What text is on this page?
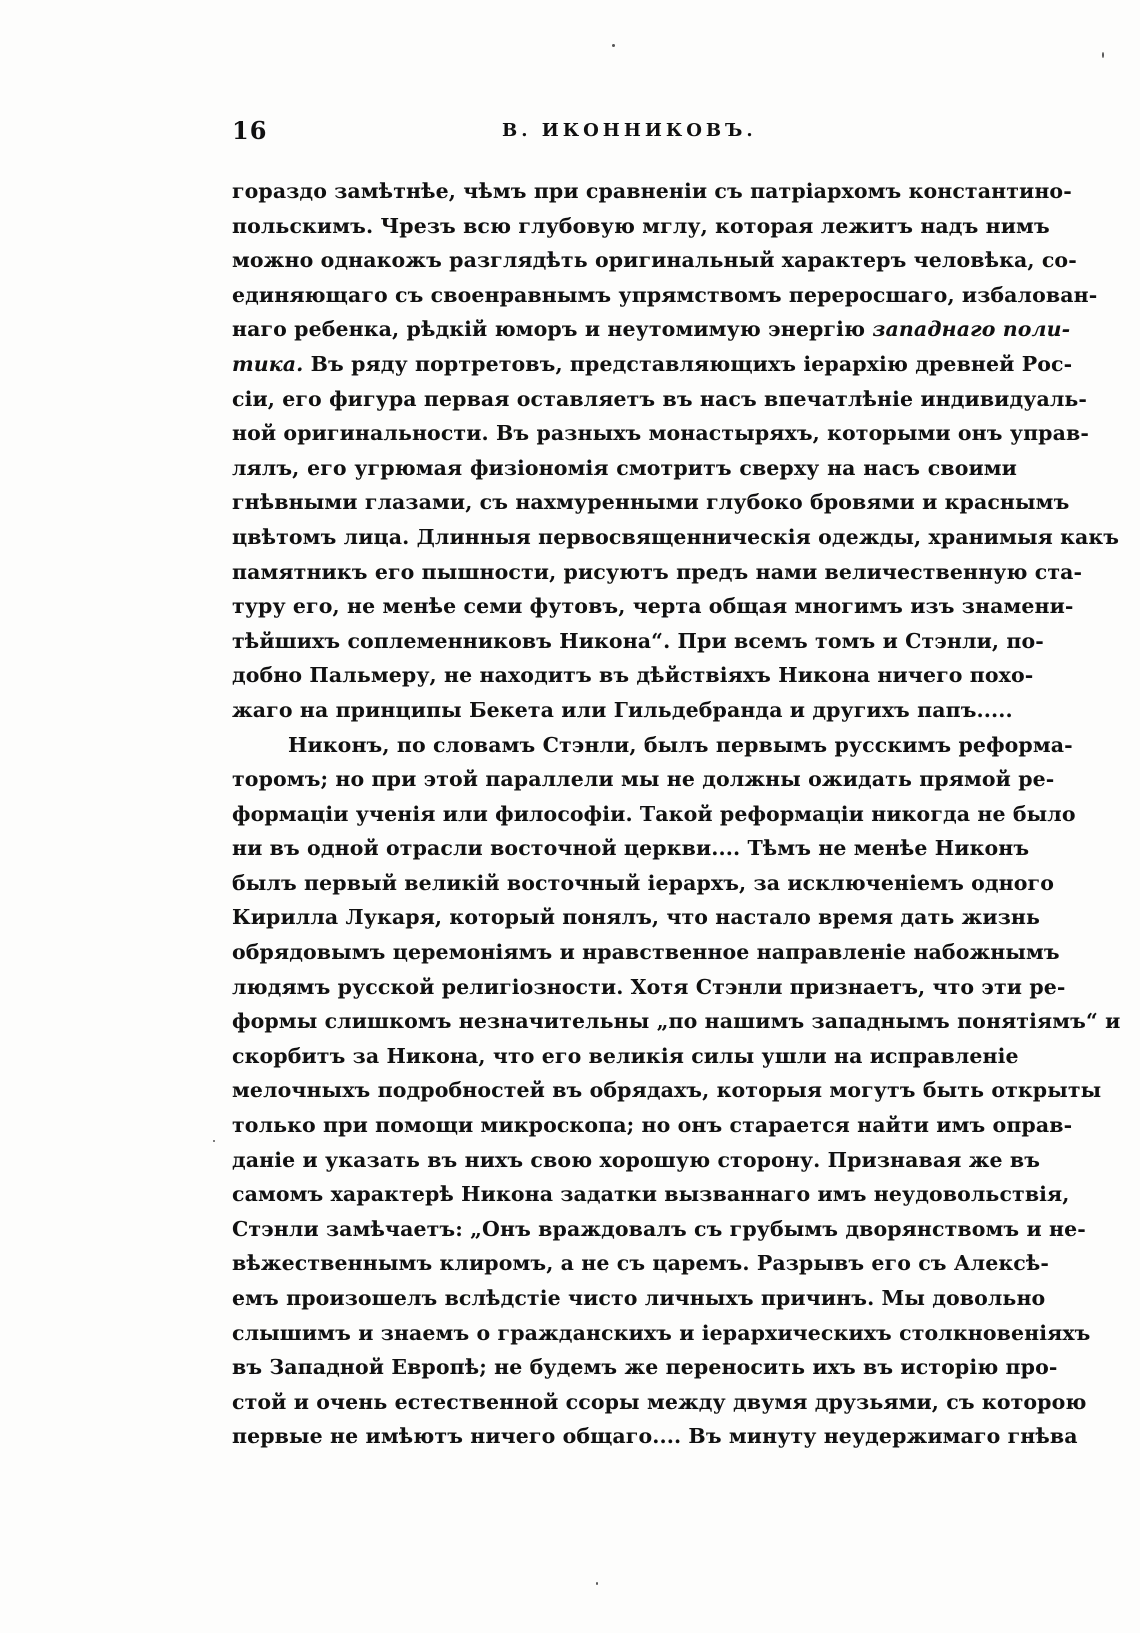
16	В. ИКОННИКОВЪ.
гораздо замѣтнѣе, чѣмъ при сравненіи съ патріархомъ константино-
польскимъ. Чрезъ всю глубовую мглу, которая лежитъ надъ нимъ
можно однакожъ разглядѣть оригинальный характеръ человѣка, со-
единяющаго съ своенравнымъ упрямствомъ переросшаго, избалован-
наго ребенка, рѣдкій юморъ и неутомимую энергію западнаго поли-
тика. Въ ряду портретовъ, представляющихъ іерархію древней Рос-
сіи, его фигура первая оставляетъ въ насъ впечатлѣніе индивидуаль-
ной оригинальности. Въ разныхъ монастыряхъ, которыми онъ управ-
лялъ, его угрюмая физіономія смотритъ сверху на насъ своими
гнѣвными глазами, съ нахмуренными глубоко бровями и краснымъ
цвѣтомъ лица. Длинныя первосвященническія одежды, хранимыя какъ
памятникъ его пышности, рисуютъ предъ нами величественную ста-
туру его, не менѣе семи футовъ, черта общая многимъ изъ знамени-
тѣйшихъ соплеменниковъ Никона“. При всемъ томъ и Стэнли, по-
добно Пальмеру, не находитъ въ дѣйствіяхъ Никона ничего похо-
жаго на принципы Бекета или Гильдебранда и другихъ папъ.....
Никонъ, по словамъ Стэнли, былъ первымъ русскимъ реформа-
торомъ; но при этой параллели мы не должны ожидать прямой ре-
формаціи ученія или философіи. Такой реформаціи никогда не было
ни въ одной отрасли восточной церкви.... Тѣмъ не менѣе Никонъ
былъ первый великій восточный іерархъ, за исключеніемъ одного
Кирилла Лукаря, который понялъ, что настало время дать жизнь
обрядовымъ церемоніямъ и нравственное направленіе набожнымъ
людямъ русской религіозности. Хотя Стэнли признаетъ, что эти ре-
формы слишкомъ незначительны „по нашимъ западнымъ понятіямъ“ и
скорбитъ за Никона, что его великія силы ушли на исправленіе
мелочныхъ подробностей въ обрядахъ, которыя могутъ быть открыты
только при помощи микроскопа; но онъ старается найти имъ оправ-
даніе и указать въ нихъ свою хорошую сторону. Признавая же въ
самомъ характерѣ Никона задатки вызваннаго имъ неудовольствія,
Стэнли замѣчаетъ: „Онъ враждовалъ съ грубымъ дворянствомъ и не-
вѣжественнымъ клиромъ, а не съ царемъ. Разрывъ его съ Алексѣ-
емъ произошелъ вслѣдстіе чисто личныхъ причинъ. Мы довольно
слышимъ и знаемъ о гражданскихъ и іерархическихъ столкновеніяхъ
въ Западной Европѣ; не будемъ же переносить ихъ въ исторію про-
стой и очень естественной ссоры между двумя друзьями, съ которою
первые не имѣютъ ничего общаго.... Въ минуту неудержимаго гнѣва
